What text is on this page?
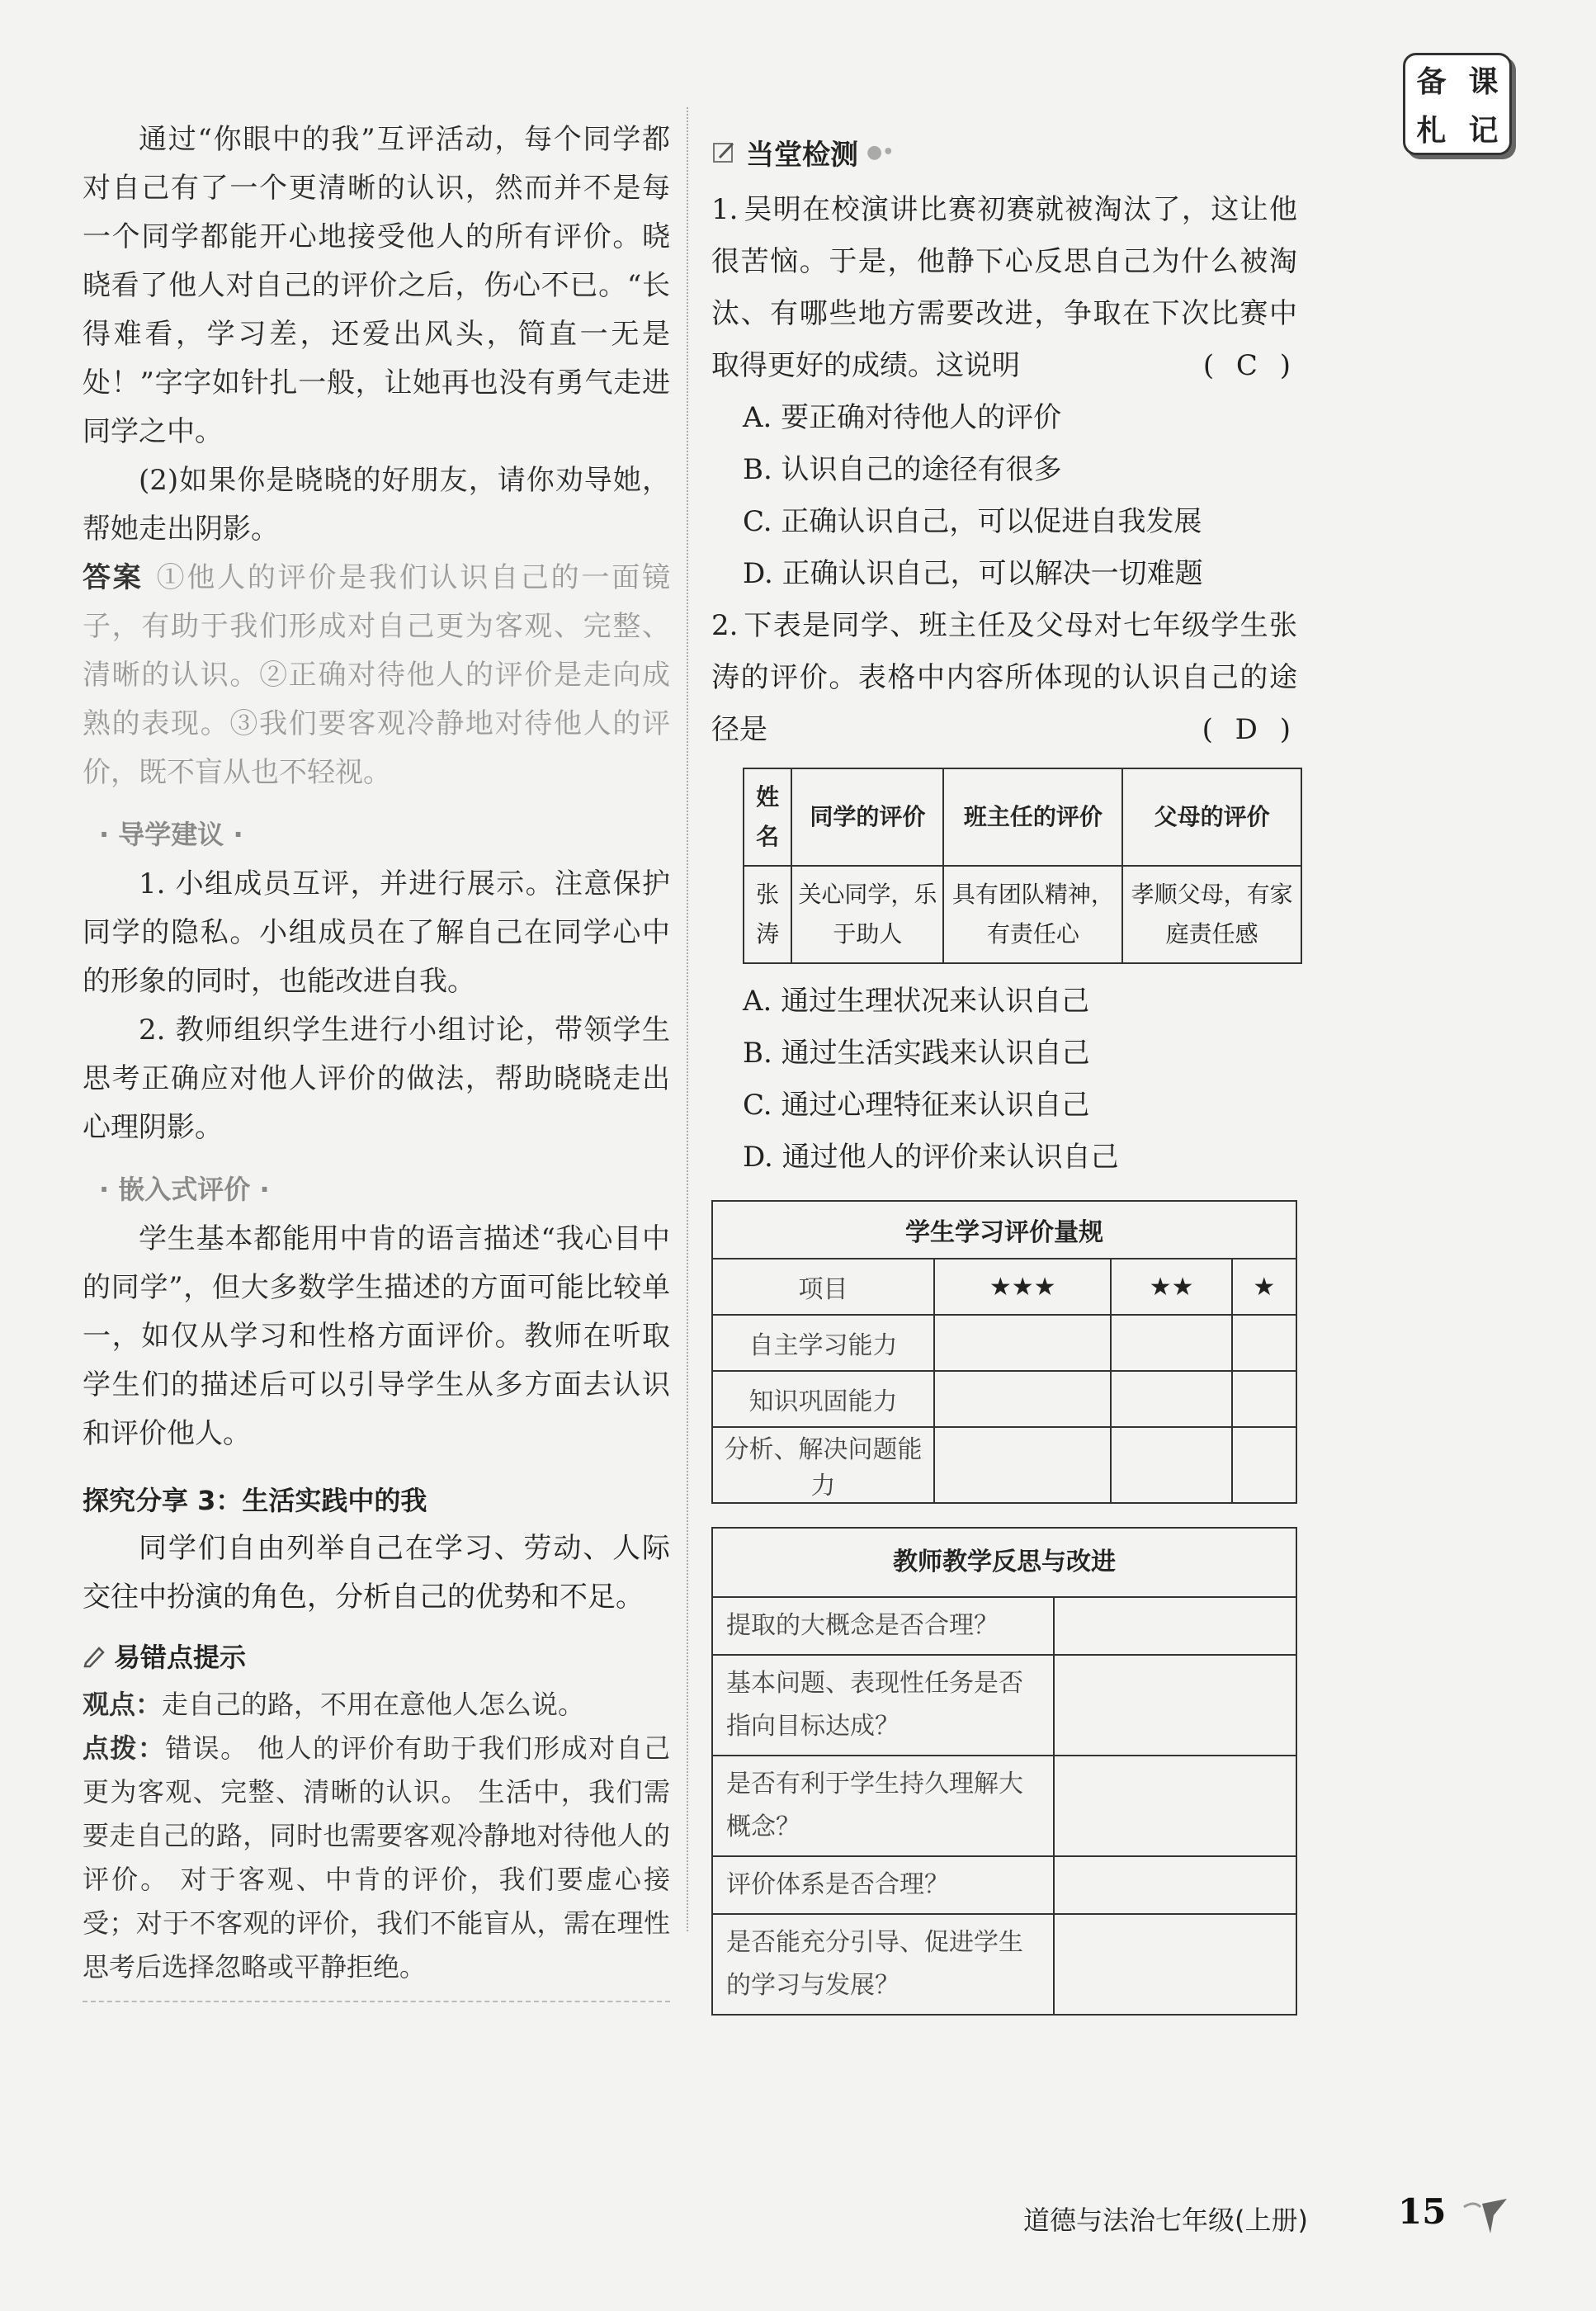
备 课
札 记

通过“你眼中的我”互评活动，每个同学都对自己有了一个更清晰的认识，然而并不是每一个同学都能开心地接受他人的所有评价。晓晓看了他人对自己的评价之后，伤心不已。“长得难看，学习差，还爱出风头，简直一无是处！”字字如针扎一般，让她再也没有勇气走进同学之中。

(2)如果你是晓晓的好朋友，请你劝导她，帮她走出阴影。

答案 ①他人的评价是我们认识自己的一面镜子，有助于我们形成对自己更为客观、完整、清晰的认识。②正确对待他人的评价是走向成熟的表现。③我们要客观冷静地对待他人的评价，既不盲从也不轻视。

· 导学建议 ·

1. 小组成员互评，并进行展示。注意保护同学的隐私。小组成员在了解自己在同学心中的形象的同时，也能改进自我。

2. 教师组织学生进行小组讨论，带领学生思考正确应对他人评价的做法，帮助晓晓走出心理阴影。

· 嵌入式评价 ·

学生基本都能用中肯的语言描述“我心目中的同学”，但大多数学生描述的方面可能比较单一，如仅从学习和性格方面评价。教师在听取学生们的描述后可以引导学生从多方面去认识和评价他人。

探究分享 3：生活实践中的我

同学们自由列举自己在学习、劳动、人际交往中扮演的角色，分析自己的优势和不足。

易错点提示
观点：走自己的路，不用在意他人怎么说。
点拨：错误。 他人的评价有助于我们形成对自己更为客观、完整、清晰的认识。 生活中，我们需要走自己的路，同时也需要客观冷静地对待他人的评价。 对于客观、中肯的评价，我们要虚心接受；对于不客观的评价，我们不能盲从，需在理性思考后选择忽略或平静拒绝。
当堂检测 ●•

1. 吴明在校演讲比赛初赛就被淘汰了，这让他很苦恼。于是，他静下心反思自己为什么被淘汰、有哪些地方需要改进，争取在下次比赛中取得更好的成绩。这说明	( C )

A. 要正确对待他人的评价
B. 认识自己的途径有很多
C. 正确认识自己，可以促进自我发展
D. 正确认识自己，可以解决一切难题

2. 下表是同学、班主任及父母对七年级学生张涛的评价。表格中内容所体现的认识自己的途径是	( D )

姓名	同学的评价	班主任的评价	父母的评价
张涛	关心同学，乐于助人	具有团队精神，有责任心	孝顺父母，有家庭责任感
A. 通过生理状况来认识自己
B. 通过生活实践来认识自己
C. 通过心理特征来认识自己
D. 通过他人的评价来认识自己
学生学习评价量规			
项目	★★★	★★	★
自主学习能力			
知识巩固能力			
分析、解决问题能力			
教师教学反思与改进	
提取的大概念是否合理？	
基本问题、表现性任务是否指向目标达成？	
是否有利于学生持久理解大概念？	
评价体系是否合理？	
是否能充分引导、促进学生的学习与发展？	
道德与法治七年级(上册)	15
